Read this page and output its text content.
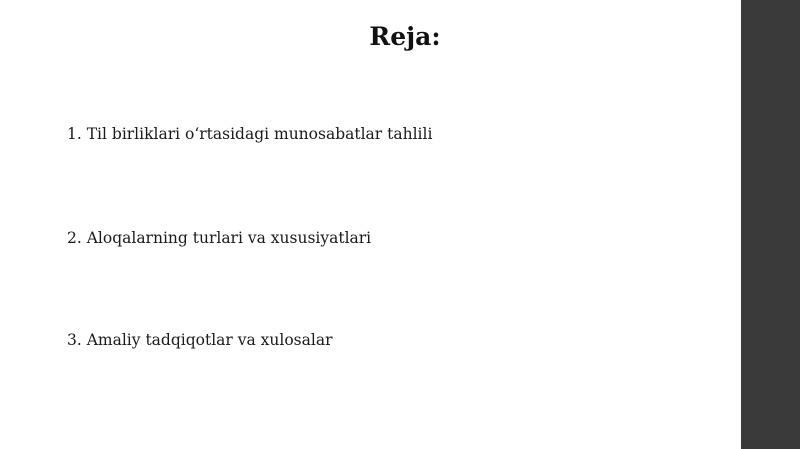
Reja:
1. Til birliklari oʻrtasidagi munosabatlar tahlili
2. Aloqalarning turlari va xususiyatlari
3. Amaliy tadqiqotlar va xulosalar
